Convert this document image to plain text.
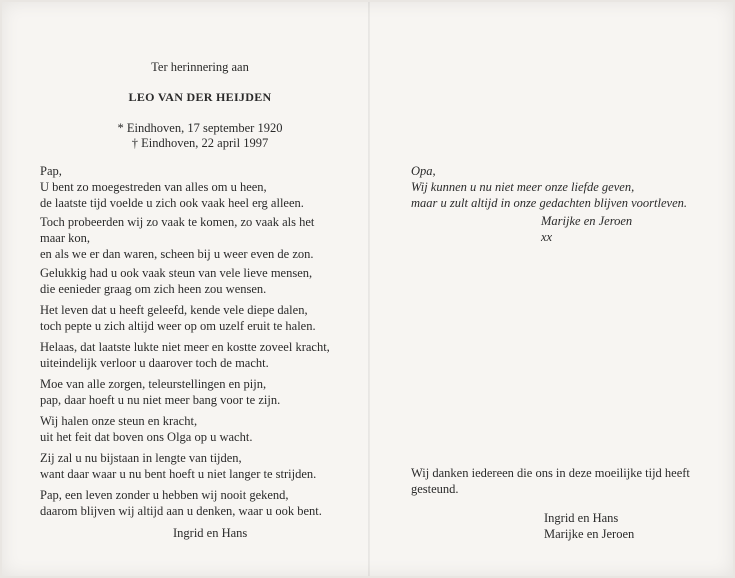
Ter herinnering aan
LEO VAN DER HEIJDEN
* Eindhoven, 17 september 1920
† Eindhoven, 22 april 1997
Pap,
U bent zo moegestreden van alles om u heen,
de laatste tijd voelde u zich ook vaak heel erg alleen.
Toch probeerden wij zo vaak te komen, zo vaak als het
maar kon,
en als we er dan waren, scheen bij u weer even de zon.
Gelukkig had u ook vaak steun van vele lieve mensen,
die eenieder graag om zich heen zou wensen.
Het leven dat u heeft geleefd, kende vele diepe dalen,
toch pepte u zich altijd weer op om uzelf eruit te halen.
Helaas, dat laatste lukte niet meer en kostte zoveel kracht,
uiteindelijk verloor u daarover toch de macht.
Moe van alle zorgen, teleurstellingen en pijn,
pap, daar hoeft u nu niet meer bang voor te zijn.
Wij halen onze steun en kracht,
uit het feit dat boven ons Olga op u wacht.
Zij zal u nu bijstaan in lengte van tijden,
want daar waar u nu bent hoeft u niet langer te strijden.
Pap, een leven zonder u hebben wij nooit gekend,
daarom blijven wij altijd aan u denken, waar u ook bent.
Ingrid en Hans
Opa,
Wij kunnen u nu niet meer onze liefde geven,
maar u zult altijd in onze gedachten blijven voortleven.
Marijke en Jeroen
xx
Wij danken iedereen die ons in deze moeilijke tijd heeft
gesteund.
Ingrid en Hans
Marijke en Jeroen
